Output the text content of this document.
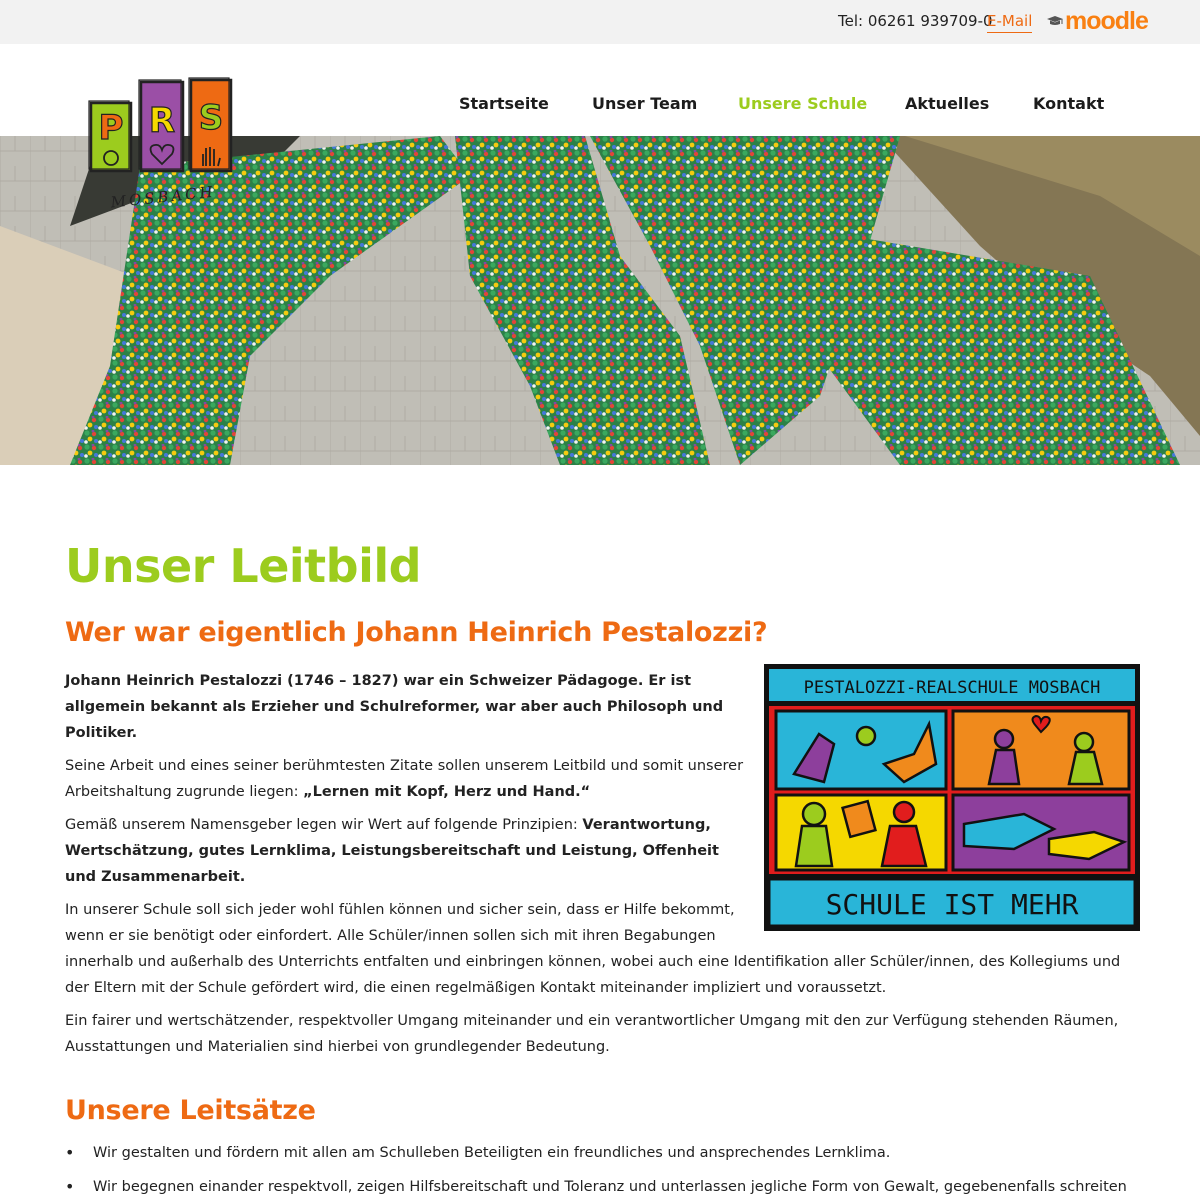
Tel: 06261 939709-0
E-Mail moodle
P R S
MOSBACH
Startseite	Unser Team	Unsere Schule Aktuelles	Kontakt
Unser Leitbild
Wer war eigentlich Johann Heinrich Pestalozzi?
PESTALOZZI-REALSCHULE MOSBACH
SCHULE IST MEHR

Johann Heinrich Pestalozzi (1746 – 1827) war ein Schweizer Pädagoge. Er ist allgemein bekannt als Erzieher und Schulreformer, war aber auch Philosoph und Politiker.

Seine Arbeit und eines seiner berühmtesten Zitate sollen unserem Leitbild und somit unserer Arbeitshaltung zugrunde liegen: „Lernen mit Kopf, Herz und Hand.“

Gemäß unserem Namensgeber legen wir Wert auf folgende Prinzipien: Verantwortung, Wertschätzung, gutes Lernklima, Leistungsbereitschaft und Leistung, Offenheit und Zusammenarbeit.

In unserer Schule soll sich jeder wohl fühlen können und sicher sein, dass er Hilfe bekommt, wenn er sie benötigt oder einfordert. Alle Schüler/innen sollen sich mit ihren Begabungen innerhalb und außerhalb des Unterrichts entfalten und einbringen können, wobei auch eine Identifikation aller Schüler/innen, des Kollegiums und der Eltern mit der Schule gefördert wird, die einen regelmäßigen Kontakt miteinander impliziert und voraussetzt.

Ein fairer und wertschätzender, respektvoller Umgang miteinander und ein verantwortlicher Umgang mit den zur Verfügung stehenden Räumen, Ausstattungen und Materialien sind hierbei von grundlegender Bedeutung.

Unsere Leitsätze
• Wir gestalten und fördern mit allen am Schulleben Beteiligten ein freundliches und ansprechendes Lernklima.
• Wir begegnen einander respektvoll, zeigen Hilfsbereitschaft und Toleranz und unterlassen jegliche Form von Gewalt, gegebenenfalls schreiten
